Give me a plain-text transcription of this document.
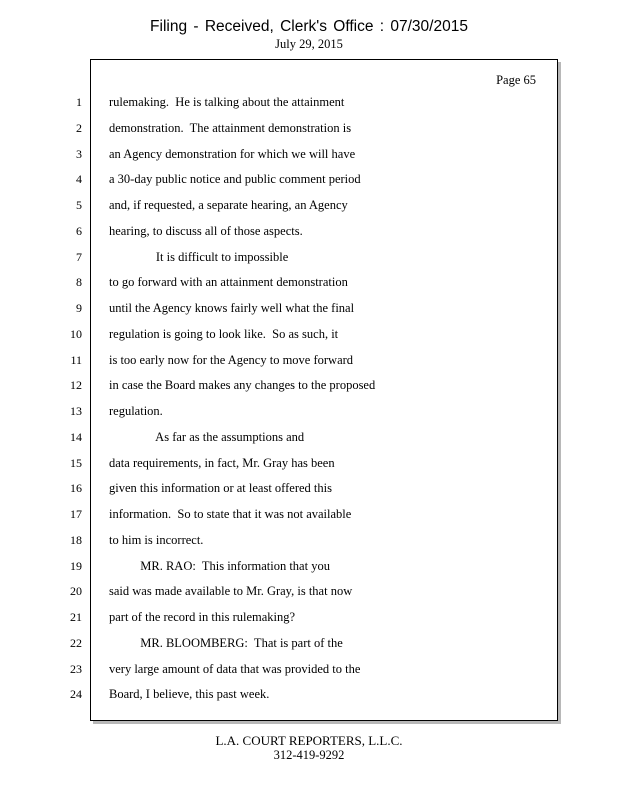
Filing - Received, Clerk's Office : 07/30/2015
July 29, 2015
Page 65
1 rulemaking.  He is talking about the attainment
2 demonstration.  The attainment demonstration is
3 an Agency demonstration for which we will have
4 a 30-day public notice and public comment period
5 and, if requested, a separate hearing, an Agency
6 hearing, to discuss all of those aspects.
7 It is difficult to impossible
8 to go forward with an attainment demonstration
9 until the Agency knows fairly well what the final
10 regulation is going to look like.  So as such, it
11 is too early now for the Agency to move forward
12 in case the Board makes any changes to the proposed
13 regulation.
14 As far as the assumptions and
15 data requirements, in fact, Mr. Gray has been
16 given this information or at least offered this
17 information.  So to state that it was not available
18 to him is incorrect.
19 MR. RAO:  This information that you
20 said was made available to Mr. Gray, is that now
21 part of the record in this rulemaking?
22 MR. BLOOMBERG:  That is part of the
23 very large amount of data that was provided to the
24 Board, I believe, this past week.
L.A. COURT REPORTERS, L.L.C.
312-419-9292
